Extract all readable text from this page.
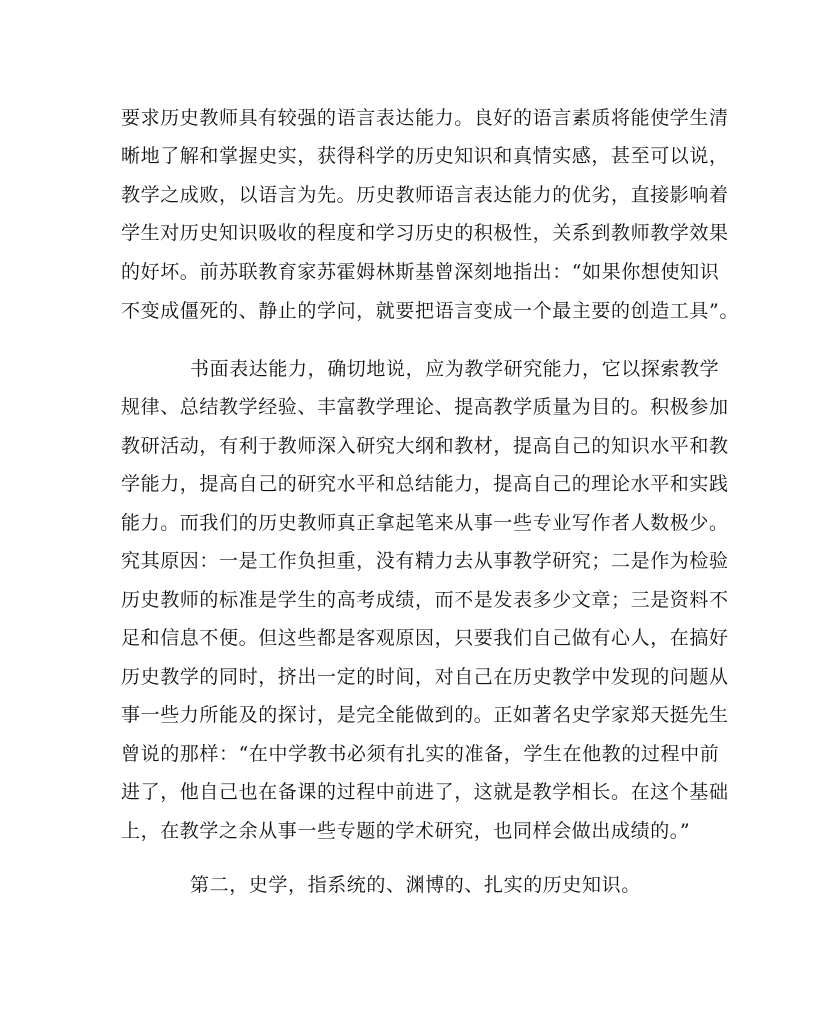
要求历史教师具有较强的语言表达能力。良好的语言素质将能使学生清
晰地了解和掌握史实，获得科学的历史知识和真情实感，甚至可以说，
教学之成败，以语言为先。历史教师语言表达能力的优劣，直接影响着
学生对历史知识吸收的程度和学习历史的积极性，关系到教师教学效果
的好坏。前苏联教育家苏霍姆林斯基曾深刻地指出：“如果你想使知识
不变成僵死的、静止的学问，就要把语言变成一个最主要的创造工具”。
书面表达能力，确切地说，应为教学研究能力，它以探索教学
规律、总结教学经验、丰富教学理论、提高教学质量为目的。积极参加
教研活动，有利于教师深入研究大纲和教材，提高自己的知识水平和教
学能力，提高自己的研究水平和总结能力，提高自己的理论水平和实践
能力。而我们的历史教师真正拿起笔来从事一些专业写作者人数极少。
究其原因：一是工作负担重，没有精力去从事教学研究；二是作为检验
历史教师的标准是学生的高考成绩，而不是发表多少文章；三是资料不
足和信息不便。但这些都是客观原因，只要我们自己做有心人，在搞好
历史教学的同时，挤出一定的时间，对自己在历史教学中发现的问题从
事一些力所能及的探讨，是完全能做到的。正如著名史学家郑天挺先生
曾说的那样：“在中学教书必须有扎实的准备，学生在他教的过程中前
进了，他自己也在备课的过程中前进了，这就是教学相长。在这个基础
上，在教学之余从事一些专题的学术研究，也同样会做出成绩的。”
第二，史学，指系统的、渊博的、扎实的历史知识。
